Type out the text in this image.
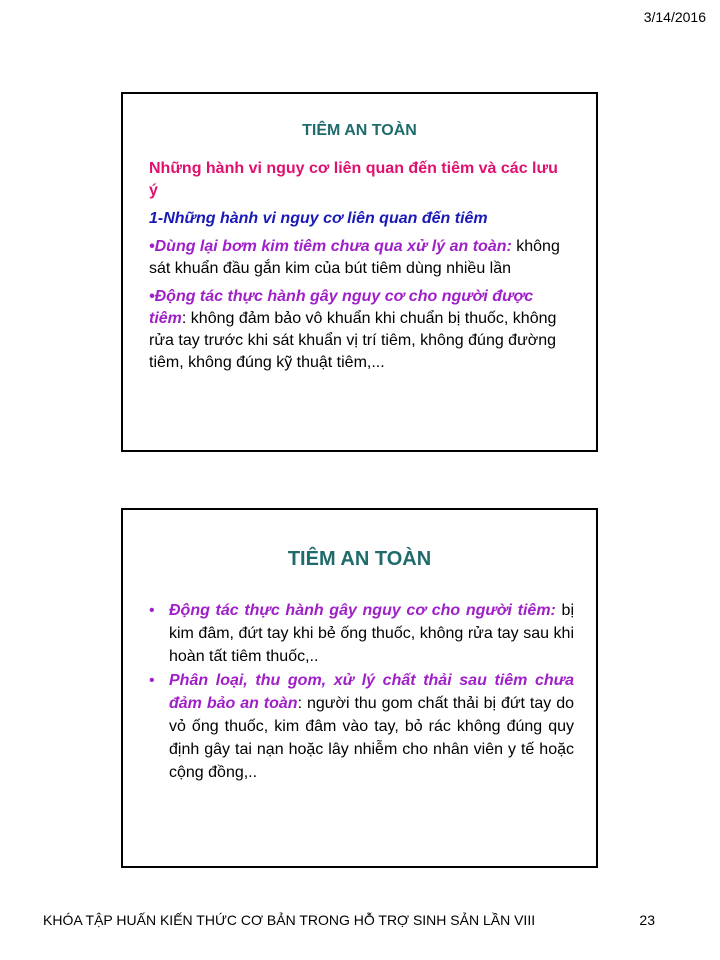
3/14/2016
TIÊM AN TOÀN
Những hành vi nguy cơ liên quan đến tiêm và các lưu ý
1-Những hành vi nguy cơ liên quan đến tiêm
•Dùng lại bơm kim tiêm chưa qua xử lý an toàn: không sát khuẩn đầu gắn kim của bút tiêm dùng nhiều lần
•Động tác thực hành gây nguy cơ cho người được tiêm: không đảm bảo vô khuẩn khi chuẩn bị thuốc, không rửa tay trước khi sát khuẩn vị trí tiêm, không đúng đường tiêm, không đúng kỹ thuật tiêm,...
TIÊM AN TOÀN
• Động tác thực hành gây nguy cơ cho người tiêm: bị kim đâm, đứt tay khi bẻ ống thuốc, không rửa tay sau khi hoàn tất tiêm thuốc,..
• Phân loại, thu gom, xử lý chất thải sau tiêm chưa đảm bảo an toàn: người thu gom chất thải bị đứt tay do vỏ ống thuốc, kim đâm vào tay, bỏ rác không đúng quy định gây tai nạn hoặc lây nhiễm cho nhân viên y tế hoặc cộng đồng,..
KHÓA TẬP HUẤN KIẾN THỨC CƠ BẢN TRONG HỖ TRỢ SINH SẢN LẦN VIII	23
